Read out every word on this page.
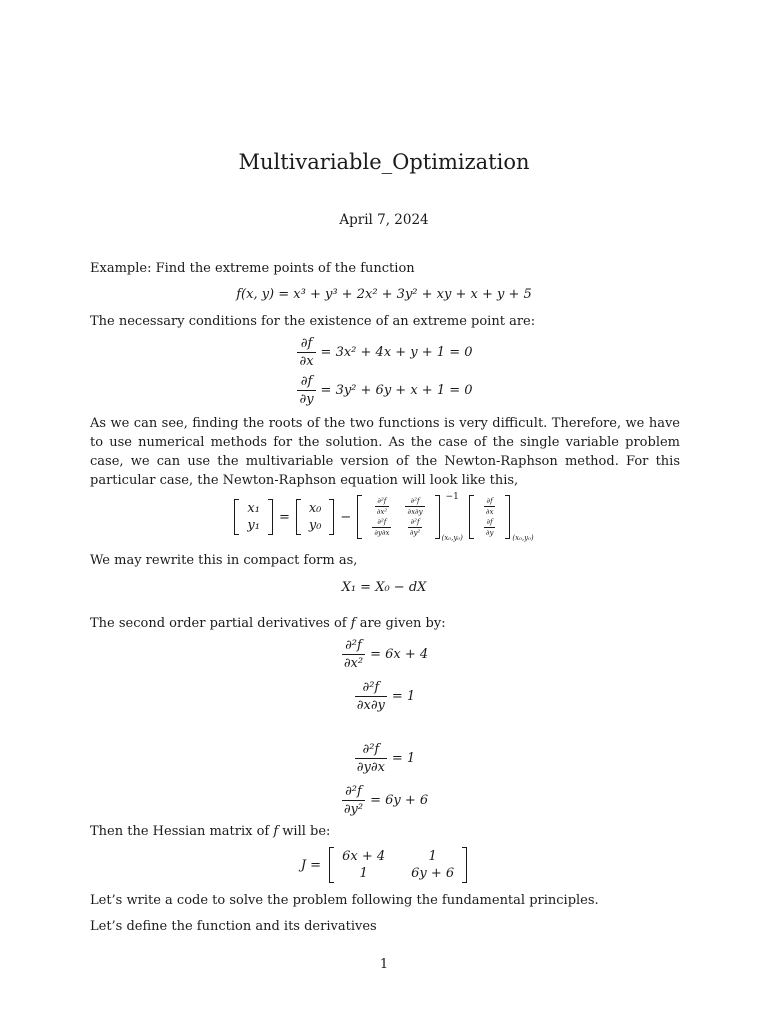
Multivariable_Optimization
April 7, 2024
Example: Find the extreme points of the function
f(x, y) = x³ + y³ + 2x² + 3y² + xy + x + y + 5
The necessary conditions for the existence of an extreme point are:
$\frac{\partial f}{\partial x} = 3x^2 + 4x + y + 1 = 0$
$\frac{\partial f}{\partial y} = 3y^2 + 6y + x + 1 = 0$
As we can see, finding the roots of the two functions is very difficult. Therefore, we have to use numerical methods for the solution. As the case of the single variable problem case, we can use the multivariable version of the Newton-Raphson method. For this particular case, the Newton-Raphson equation will look like this,
x₁
y₁
=
x₀
y₀
−
$\frac{\text{∂²f}}{\text{∂x²}} \frac{\text{∂²f}}{\partial x\partial y}$
$\frac{\text{∂²f}}{\partial y\partial x} \frac{\text{∂²f}}{\text{∂y²}}$
−1
(x₀,y₀)
$\frac{\partial f}{\partial x}$
$\frac{\partial f}{\partial y}$
(x₀,y₀)
We may rewrite this in compact form as,
X₁ = X₀ − dX
The second order partial derivatives of f are given by:
$\frac{\text{∂²f}}{\text{∂x²}} = 6x + 4$
$\frac{\text{∂²f}}{\partial x\partial y} = 1$
$\frac{\text{∂²f}}{\partial y\partial x} = 1$
$\frac{\text{∂²f}}{\text{∂y²}} = 6y + 6$
Then the Hessian matrix of f will be:
J =
6x + 4	1
1	6y + 6
Let’s write a code to solve the problem following the fundamental principles.
Let’s define the function and its derivatives
1
